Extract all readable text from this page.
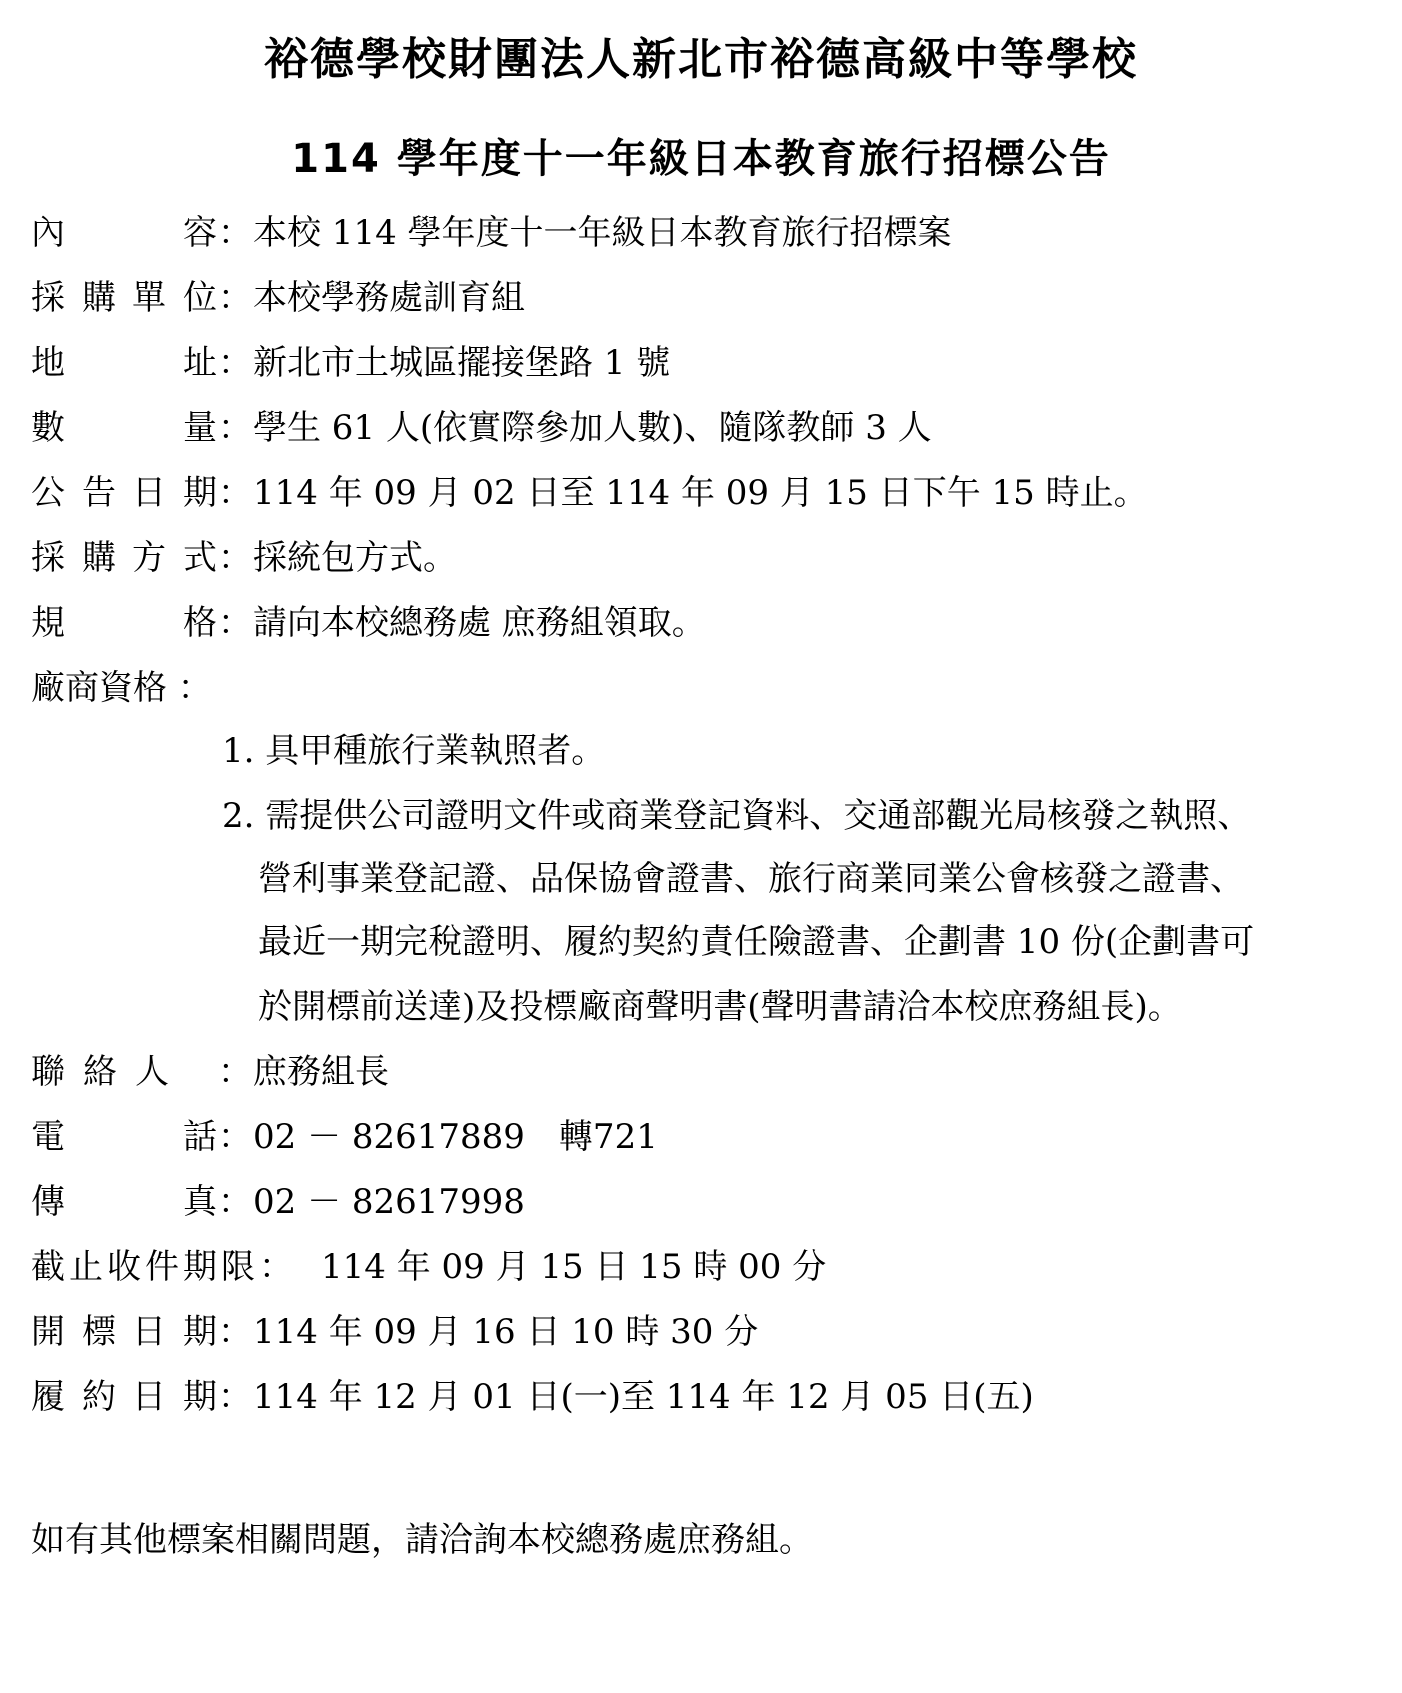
裕德學校財團法人新北市裕德高級中等學校
114 學年度十一年級日本教育旅行招標公告
內	容 ： 本校 114 學年度十一年級日本教育旅行招標案
採 購 單 位 ： 本校學務處訓育組
地	址 ： 新北市土城區擺接堡路 1 號
數	量 ： 學生 61 人(依實際參加人數)、隨隊教師 3 人
公 告 日 期 ： 114 年 09 月 02 日至 114 年 09 月 15 日下午 15 時止。
採 購 方 式 ： 採統包方式。
規	格 ： 請向本校總務處 庶務組領取。
廠商資格 ：
1. 具甲種旅行業執照者。
2. 需提供公司證明文件或商業登記資料、交通部觀光局核發之執照、
營利事業登記證、品保協會證書、旅行商業同業公會核發之證書、
最近一期完稅證明、履約契約責任險證書、企劃書 10 份(企劃書可
於開標前送達)及投標廠商聲明書(聲明書請洽本校庶務組長)。
聯 絡 人 ： 庶務組長
電	話 ： 02 － 82617889　轉721
傳	真 ： 02 － 82617998
截止收件期限： 114 年 09 月 15 日 15 時 00 分
開 標 日 期 ： 114 年 09 月 16 日 10 時 30 分
履 約 日 期 ： 114 年 12 月 01 日(一)至 114 年 12 月 05 日(五)
如有其他標案相關問題，請洽詢本校總務處庶務組。
